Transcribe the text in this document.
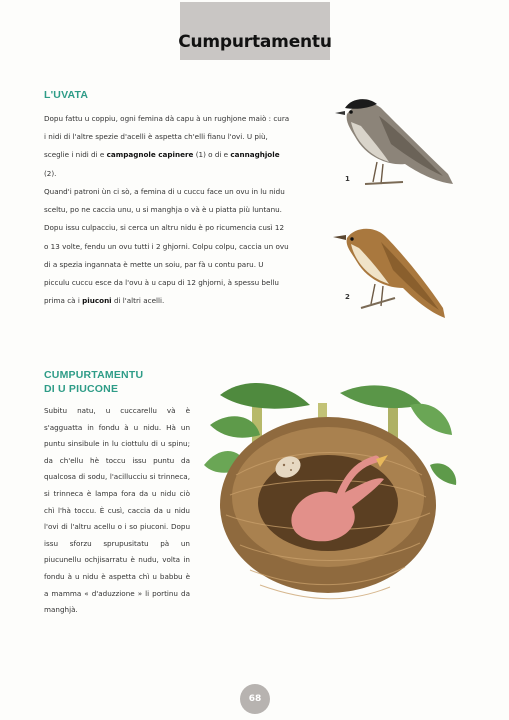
Cumpurtamentu
L'UVATA

Dopu fattu u coppiu, ogni femina dà capu à un rughjone maiò : cura i nidi di l'altre spezie d'acelli è aspetta ch'elli fianu l'ovi. U più, sceglie i nidi di e campagnole capinere (1) o di e cannaghjole (2).

Quand'i patroni ùn ci sò, a femina di u cuccu face un ovu in lu nidu sceltu, po ne caccia unu, u si manghja o và è u piatta più luntanu. Dopu issu culpacciu, si cerca un altru nidu è po ricumencia cusì 12 o 13 volte, fendu un ovu tutti i 2 ghjorni. Colpu colpu, caccia un ovu di a spezia ingannata è mette un soiu, par fà u contu paru. U picculu cuccu esce da l'ovu à u capu di 12 ghjorni, à spessu bellu prima cà i piuconi di l'altri acelli.

1
2
CUMPURTAMENTU
DI U PIUCONE

Subitu natu, u cuccarellu và è s'agguatta in fondu à u nidu. Hà un puntu sinsibule in lu ciottulu di u spinu; da ch'ellu hè toccu issu puntu da qualcosa di sodu, l'acillucciu si trinneca, si trinneca è lampa fora da u nidu ciò chì l'hà toccu. È cusì, caccia da u nidu l'ovi di l'altru acellu o i so piuconi. Dopu issu sforzu sprupusitatu pà un piucunellu ochjisarratu è nudu, volta in fondu à u nidu è aspetta chì u babbu è a mamma « d'aduzzione » li portinu da manghjà.

68
